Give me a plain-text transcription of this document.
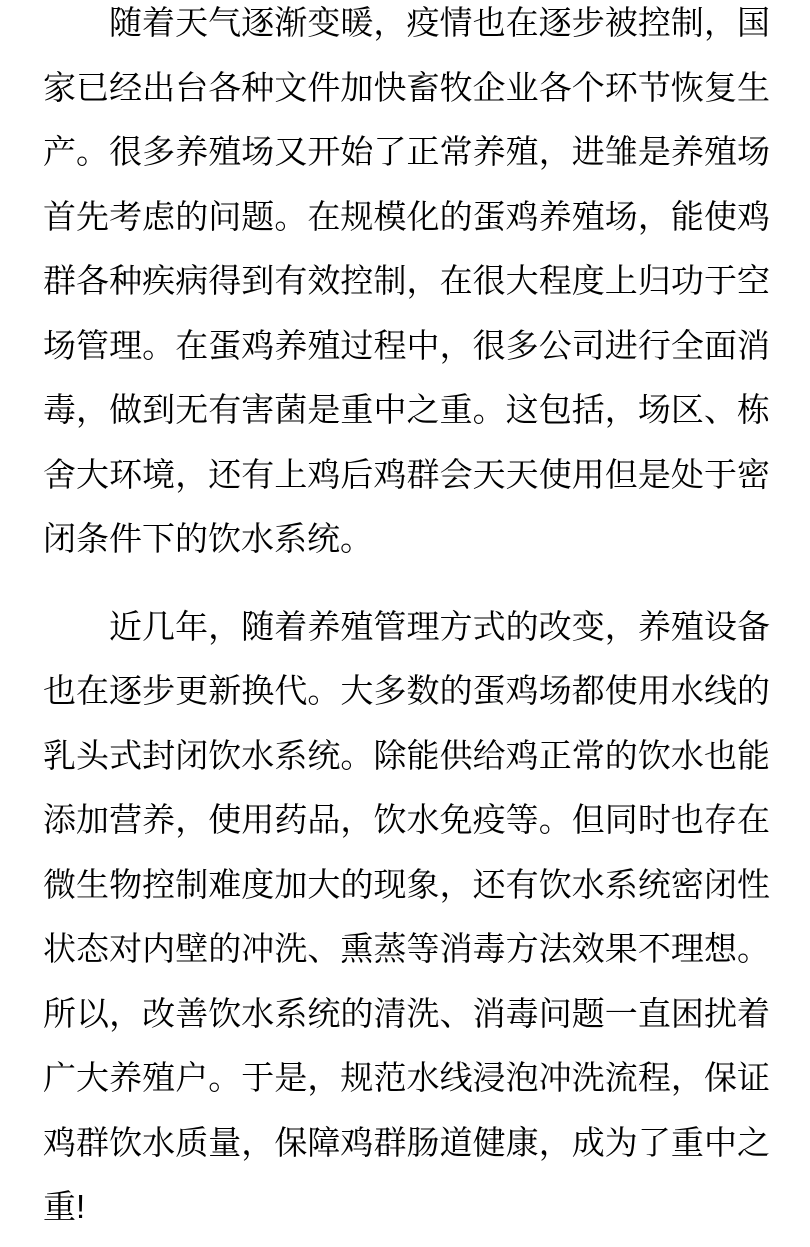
随着天气逐渐变暖，疫情也在逐步被控制，国家已经出台各种文件加快畜牧企业各个环节恢复生产。很多养殖场又开始了正常养殖，进雏是养殖场首先考虑的问题。在规模化的蛋鸡养殖场，能使鸡群各种疾病得到有效控制，在很大程度上归功于空场管理。在蛋鸡养殖过程中，很多公司进行全面消毒，做到无有害菌是重中之重。这包括，场区、栋舍大环境，还有上鸡后鸡群会天天使用但是处于密闭条件下的饮水系统。

近几年，随着养殖管理方式的改变，养殖设备也在逐步更新换代。大多数的蛋鸡场都使用水线的乳头式封闭饮水系统。除能供给鸡正常的饮水也能添加营养，使用药品，饮水免疫等。但同时也存在微生物控制难度加大的现象，还有饮水系统密闭性状态对内壁的冲洗、熏蒸等消毒方法效果不理想。所以，改善饮水系统的清洗、消毒问题一直困扰着广大养殖户。于是，规范水线浸泡冲洗流程，保证鸡群饮水质量，保障鸡群肠道健康，成为了重中之重!
